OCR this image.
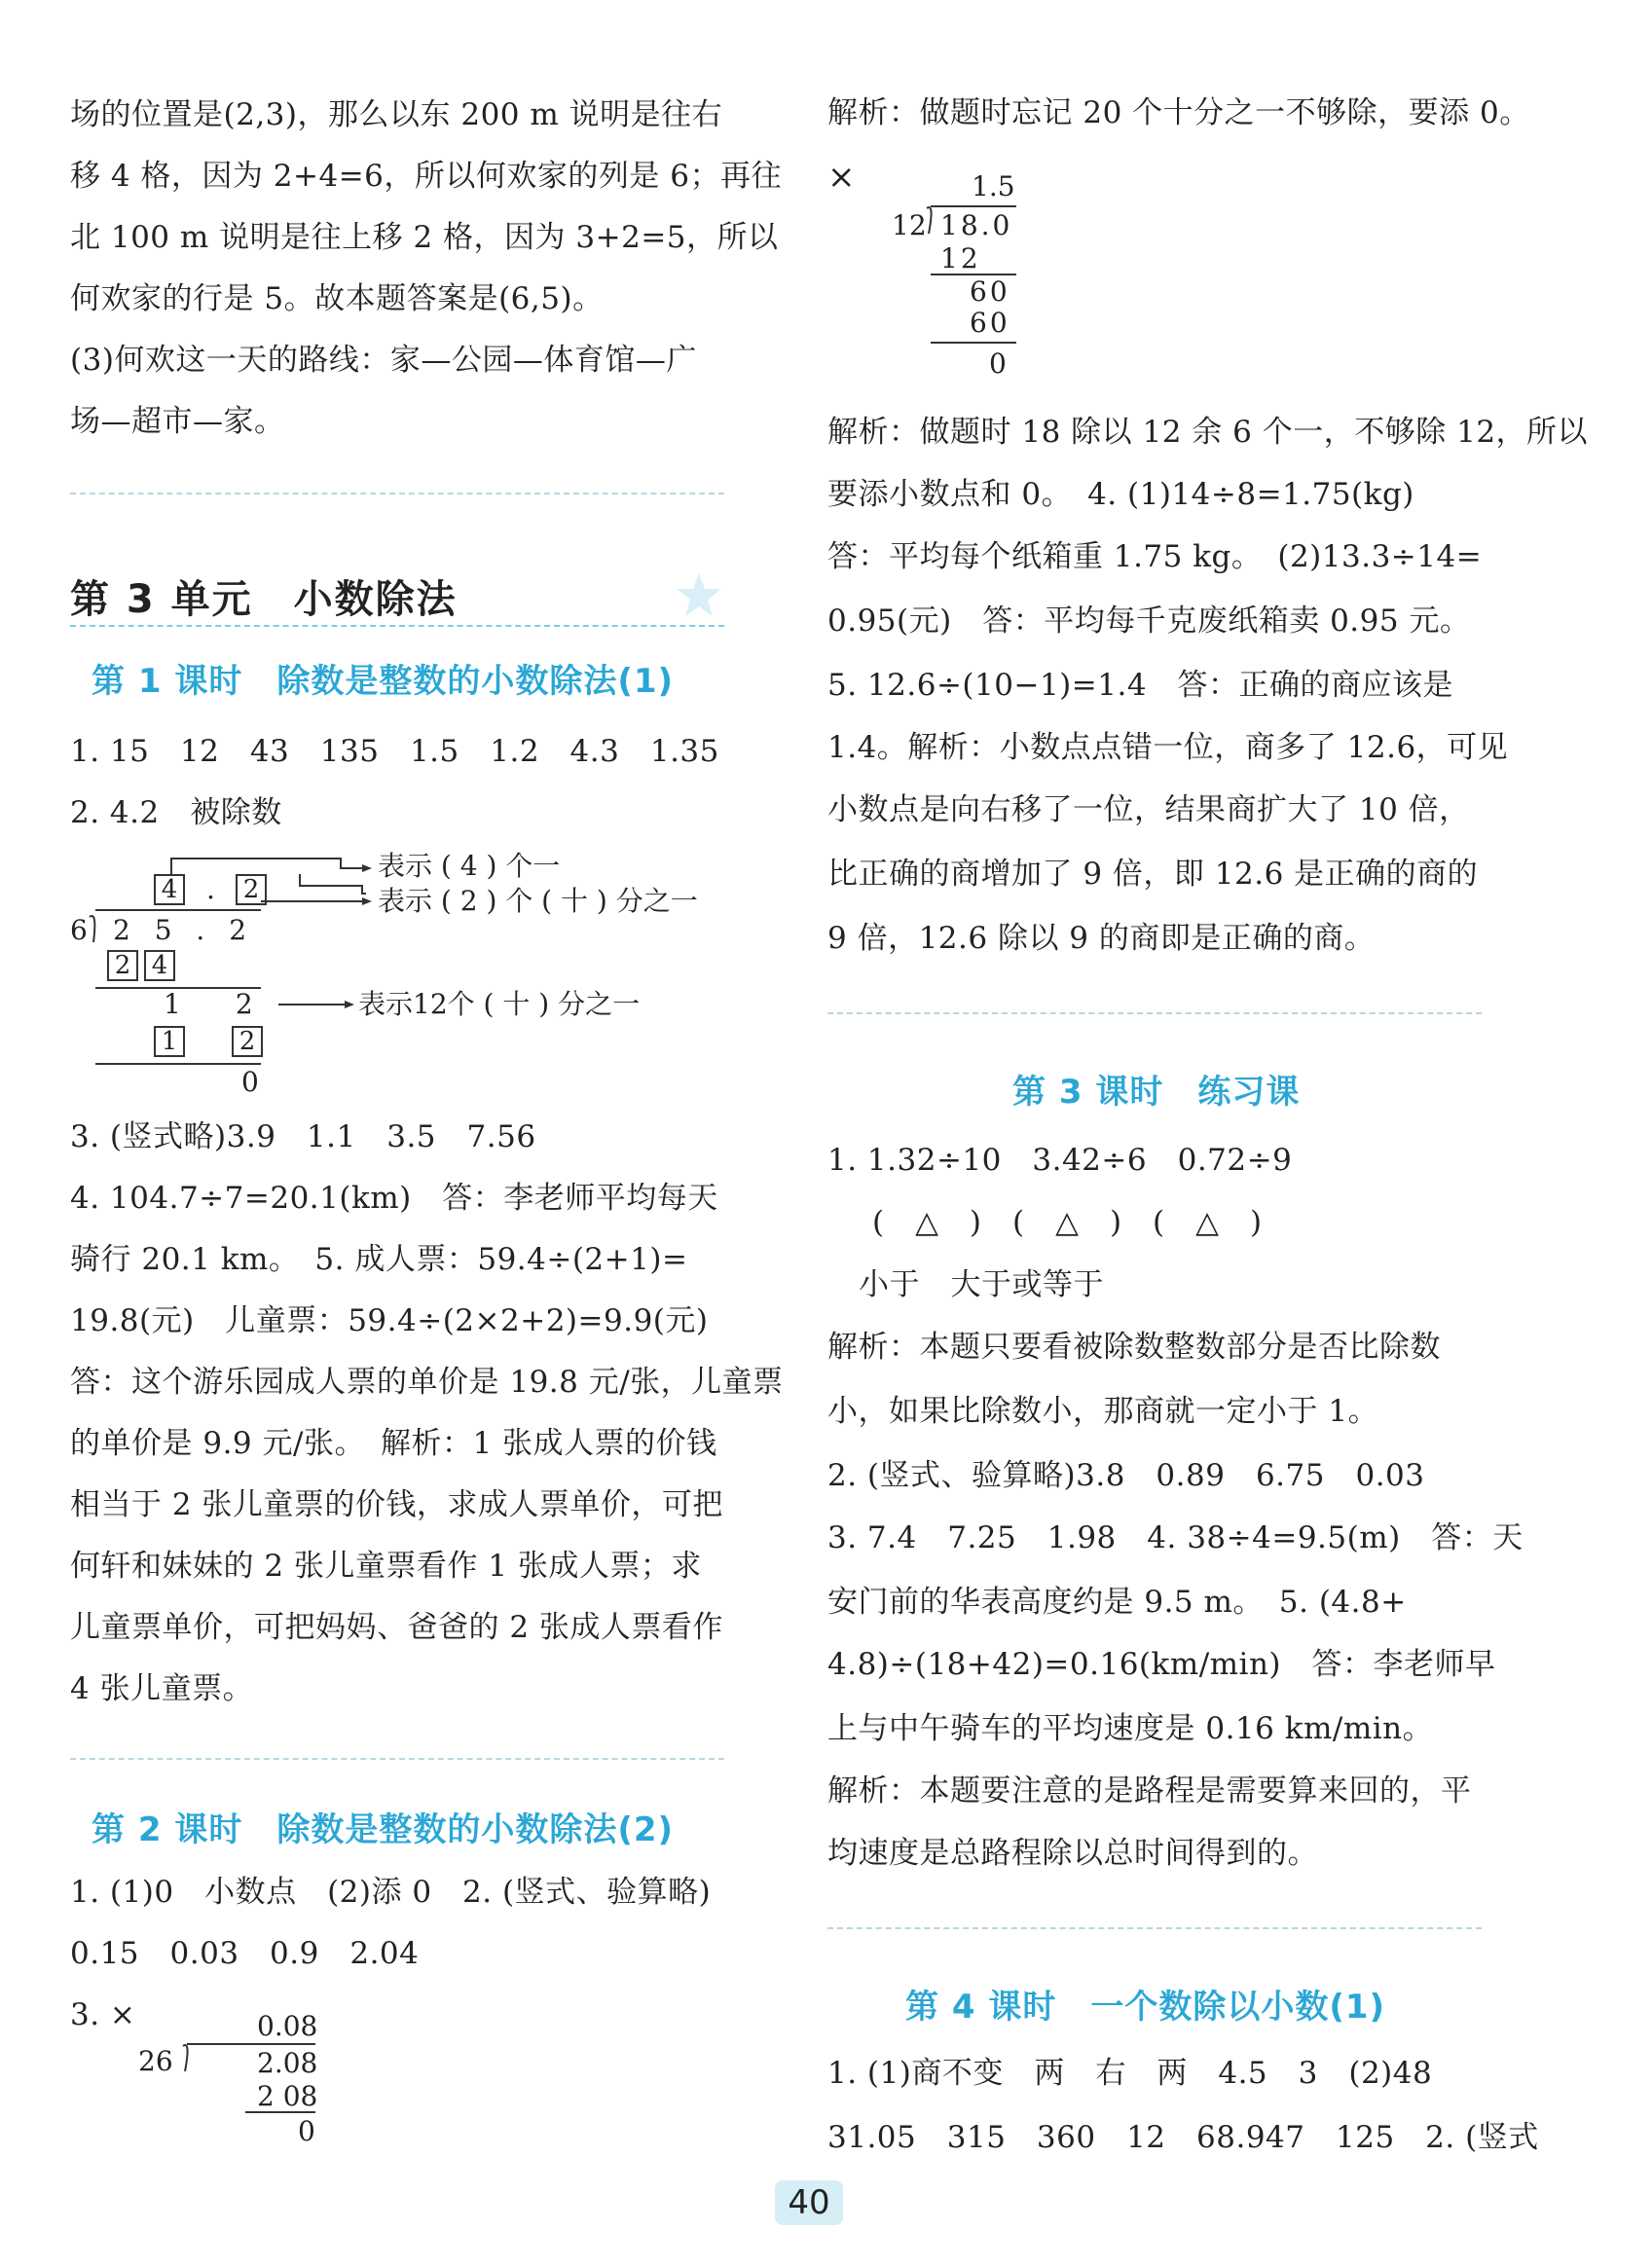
场的位置是(2,3)，那么以东 200 m 说明是往右
移 4 格，因为 2+4=6，所以何欢家的列是 6；再往
北 100 m 说明是往上移 2 格，因为 3+2=5，所以
何欢家的行是 5。故本题答案是(6,5)。
(3)何欢这一天的路线：家—公园—体育馆—广
场—超市—家。
第 3 单元　小数除法
第 1 课时　除数是整数的小数除法(1)
1. 15　12　43　135　1.5　1.2　4.3　1.35
2. 4.2　被除数
表示 ( 4 ) 个一
表示 ( 2 ) 个 ( 十 ) 分之一
表示12个 ( 十 ) 分之一
4 . 2
6 2 5 . 2
2 4
1　　2
1 2
0
3. (竖式略)3.9　1.1　3.5　7.56
4. 104.7÷7=20.1(km)　答：李老师平均每天
骑行 20.1 km。　5. 成人票：59.4÷(2+1)=
19.8(元)　儿童票：59.4÷(2×2+2)=9.9(元)
答：这个游乐园成人票的单价是 19.8 元/张，儿童票
的单价是 9.9 元/张。　解析：1 张成人票的价钱
相当于 2 张儿童票的价钱，求成人票单价，可把
何轩和妹妹的 2 张儿童票看作 1 张成人票；求
儿童票单价，可把妈妈、爸爸的 2 张成人票看作
4 张儿童票。
第 2 课时　除数是整数的小数除法(2)
1. (1)0　小数点　(2)添 0　2. (竖式、验算略)
0.15　0.03　0.9　2.04
3. ×	0.08
26	2.08
2 08
0
解析：做题时忘记 20 个十分之一不够除，要添 0。
×	1.5
12 18.0
12
60
60
0
解析：做题时 18 除以 12 余 6 个一，不够除 12，所以
要添小数点和 0。　4. (1)14÷8=1.75(kg)
答：平均每个纸箱重 1.75 kg。　(2)13.3÷14=
0.95(元)　答：平均每千克废纸箱卖 0.95 元。
5. 12.6÷(10−1)=1.4　答：正确的商应该是
1.4。解析：小数点点错一位，商多了 12.6，可见
小数点是向右移了一位，结果商扩大了 10 倍，
比正确的商增加了 9 倍，即 12.6 是正确的商的
9 倍，12.6 除以 9 的商即是正确的商。
第 3 课时　练习课
1. 1.32÷10　3.42÷6　0.72÷9
(　△　)　(　△　)　(　△　)
小于　大于或等于
解析：本题只要看被除数整数部分是否比除数
小，如果比除数小，那商就一定小于 1。
2. (竖式、验算略)3.8　0.89　6.75　0.03
3. 7.4　7.25　1.98　4. 38÷4=9.5(m)　答：天
安门前的华表高度约是 9.5 m。　5. (4.8+
4.8)÷(18+42)=0.16(km/min)　答：李老师早
上与中午骑车的平均速度是 0.16 km/min。
解析：本题要注意的是路程是需要算来回的，平
均速度是总路程除以总时间得到的。
第 4 课时　一个数除以小数(1)
1. (1)商不变　两　右　两　4.5　3　(2)48
31.05　315　360　12　68.947　125　2. (竖式
40
